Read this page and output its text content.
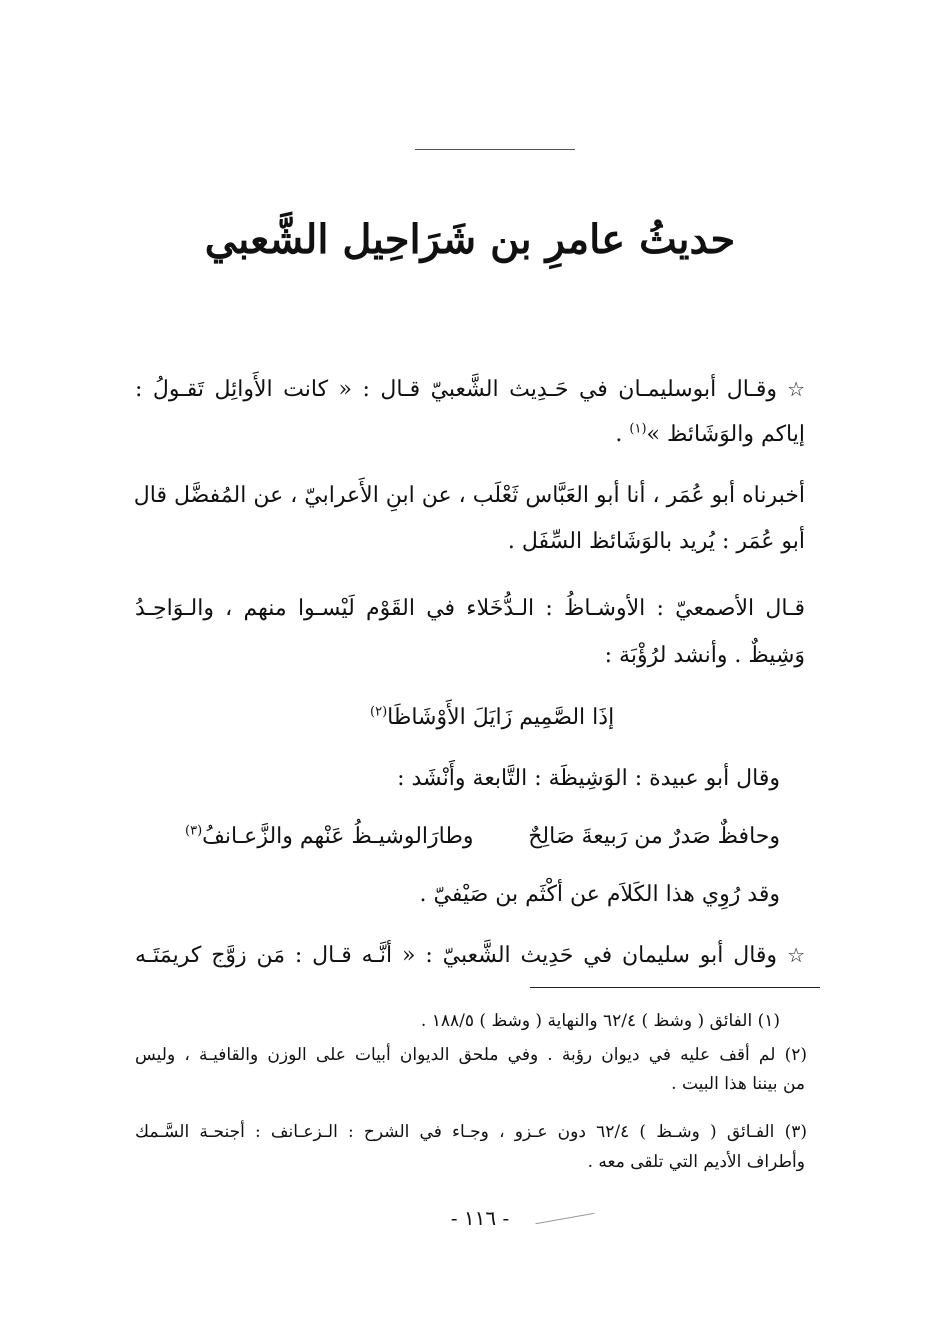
حديثُ عامرِ بن شَرَاحِيل الشَّعبي
☆وقـال أبوسليمـان في حَـدِيث الشَّعبيّ قـال : « كانت الأَوائِل تَقـولُ :
إياكم والوَشَائظ »$^{(١)}$ .
أخبرناه أبو عُمَر ، أنا أبو العَبَّاس ثَعْلَب ، عن ابنِ الأَعرابيّ ، عن المُفضَّل قال
أبو عُمَر : يُريد بالوَشَائظ السِّفَل .
قـال الأصمعيّ : الأوشـاظُ : الـدُّخَلاء في القَوْم لَيْسـوا منهم ، والـوَاحِـدُ
وَشِيظٌ . وأنشد لرُؤْبَة :
إذَا الصَّمِيم زَايَلَ الأَوْشَاظَا$^{(٢)}$
وقال أبو عبيدة : الوَشِيظَة : التَّابعة وأَنْشَد :
وحافظٌ صَدرٌ من رَبيعةَ صَالِحٌ
وطارَالوشيـظُ عَنْهم والزَّعـانفُ$^{(٣)}$
وقد رُوِي هذا الكَلاَم عن أكْثَم بن صَيْفيّ .
☆وقال أبو سليمان في حَدِيث الشَّعبيّ : « أنَّـه قـال : مَن زوَّج كريمَتَـه
(١) الفائق ( وشظ ) ٦٢/٤ والنهاية ( وشظ ) ١٨٨/٥ .
(٢) لم أقف عليه في ديوان رؤبة . وفي ملحق الديوان أبيات على الوزن والقافيـة ، وليس
من بيننا هذا البيت .
(٣) الفـائق ( وشـظ ) ٦٢/٤ دون عـزو ، وجـاء في الشرح : الـزعـانف : أجنحـة السَّـمك
وأطراف الأديم التي تلقى معه .
- ١١٦ -
